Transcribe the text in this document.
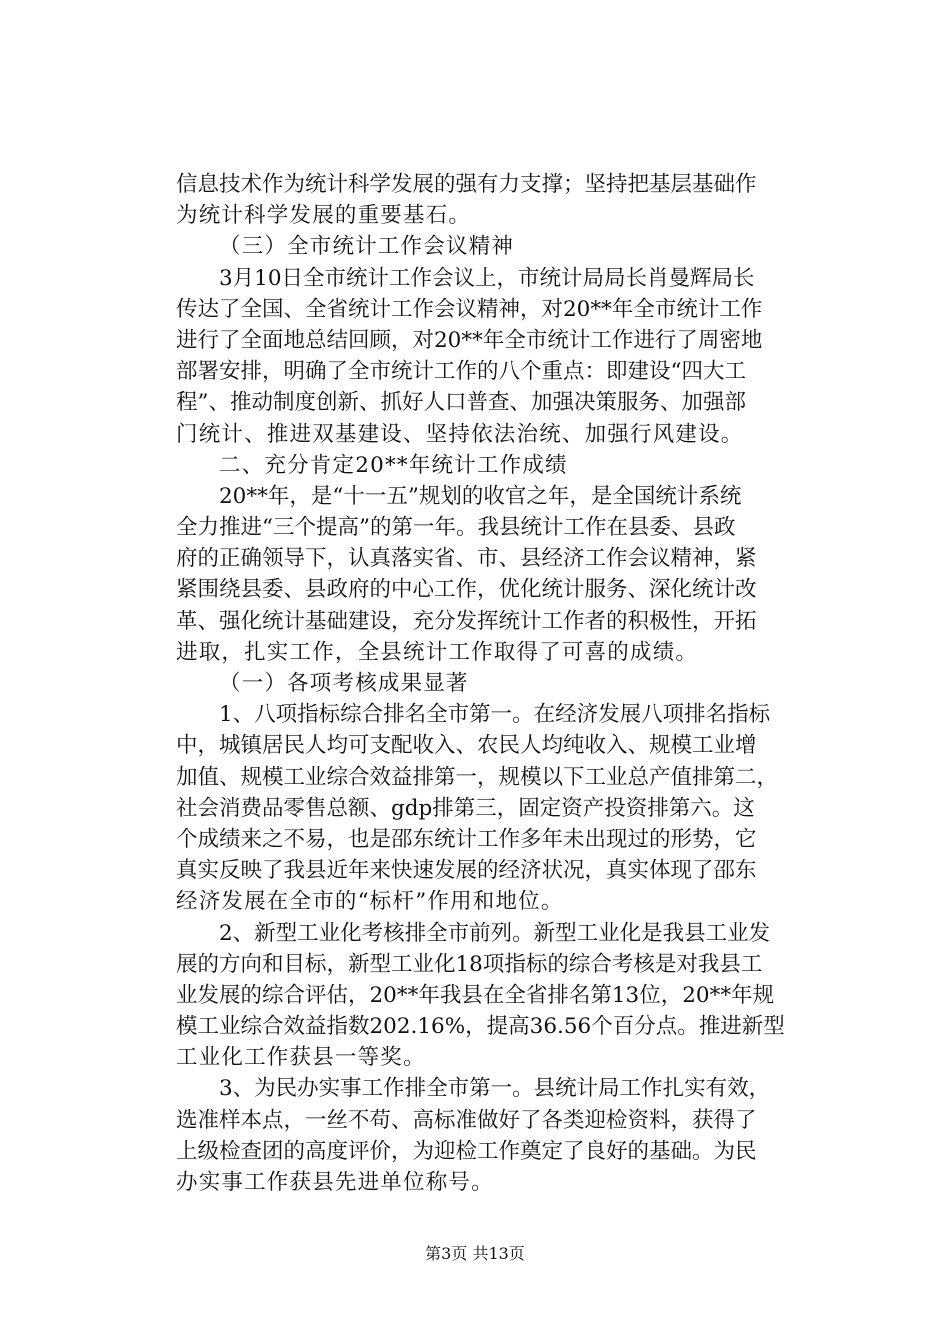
信息技术作为统计科学发展的强有力支撑；坚持把基层基础作
为统计科学发展的重要基石。
（三）全市统计工作会议精神
3月10日全市统计工作会议上，市统计局局长肖曼辉局长
传达了全国、全省统计工作会议精神，对20**年全市统计工作
进行了全面地总结回顾，对20**年全市统计工作进行了周密地
部署安排，明确了全市统计工作的八个重点：即建设“四大工
程”、推动制度创新、抓好人口普查、加强决策服务、加强部
门统计、推进双基建设、坚持依法治统、加强行风建设。
二、充分肯定20**年统计工作成绩
20**年，是“十一五”规划的收官之年，是全国统计系统
全力推进“三个提高”的第一年。我县统计工作在县委、县政
府的正确领导下，认真落实省、市、县经济工作会议精神，紧
紧围绕县委、县政府的中心工作，优化统计服务、深化统计改
革、强化统计基础建设，充分发挥统计工作者的积极性，开拓
进取，扎实工作，全县统计工作取得了可喜的成绩。
（一）各项考核成果显著
1、八项指标综合排名全市第一。在经济发展八项排名指标
中，城镇居民人均可支配收入、农民人均纯收入、规模工业增
加值、规模工业综合效益排第一，规模以下工业总产值排第二，
社会消费品零售总额、gdp排第三，固定资产投资排第六。这
个成绩来之不易，也是邵东统计工作多年未出现过的形势，它
真实反映了我县近年来快速发展的经济状况，真实体现了邵东
经济发展在全市的“标杆”作用和地位。
2、新型工业化考核排全市前列。新型工业化是我县工业发
展的方向和目标，新型工业化18项指标的综合考核是对我县工
业发展的综合评估，20**年我县在全省排名第13位，20**年规
模工业综合效益指数202.16%，提高36.56个百分点。推进新型
工业化工作获县一等奖。
3、为民办实事工作排全市第一。县统计局工作扎实有效，
选准样本点，一丝不苟、高标准做好了各类迎检资料，获得了
上级检查团的高度评价，为迎检工作奠定了良好的基础。为民
办实事工作获县先进单位称号。
第3页 共13页
